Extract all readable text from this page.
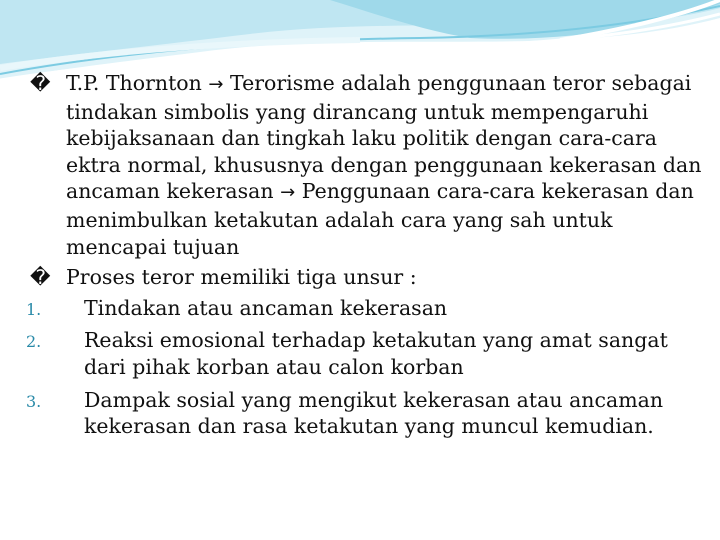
� T.P. Thornton → Terorisme adalah penggunaan teror sebagai tindakan simbolis yang dirancang untuk mempengaruhi kebijaksanaan dan tingkah laku politik dengan cara-cara ektra normal, khususnya dengan penggunaan kekerasan dan ancaman kekerasan → Penggunaan cara-cara kekerasan dan menimbulkan ketakutan adalah cara yang sah untuk mencapai tujuan

� Proses teror memiliki tiga unsur :

1. Tindakan atau ancaman kekerasan
2. Reaksi emosional terhadap ketakutan yang amat sangat dari pihak korban atau calon korban
3. Dampak sosial yang mengikut kekerasan atau ancaman kekerasan dan rasa ketakutan yang muncul kemudian.
